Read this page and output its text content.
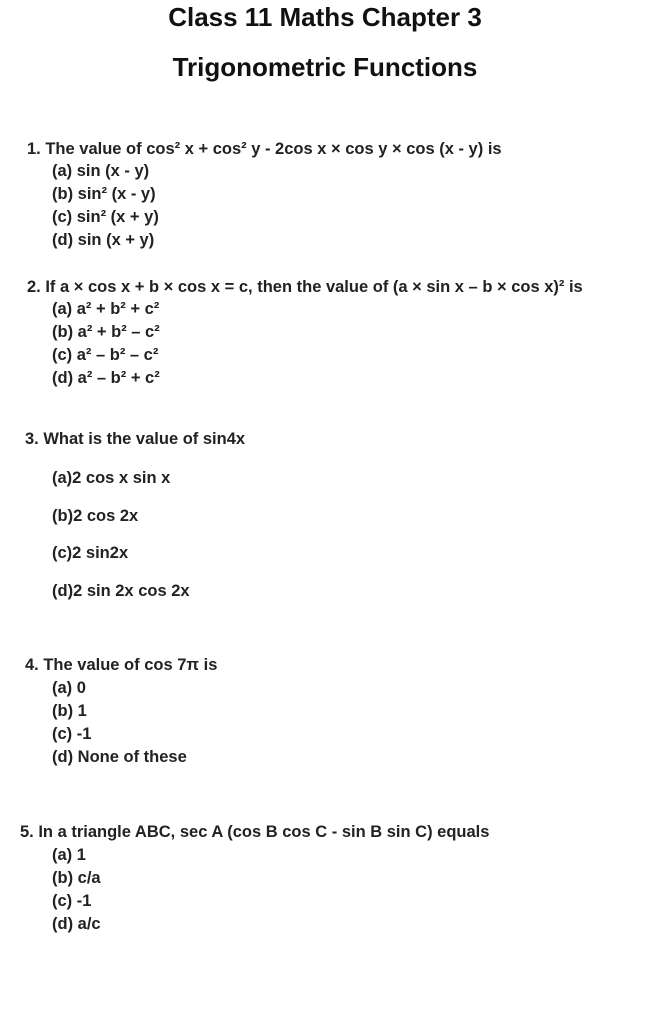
Class 11 Maths Chapter 3
Trigonometric Functions
1. The value of cos² x + cos² y - 2cos x × cos y × cos (x - y) is
(a) sin (x - y)
(b) sin² (x - y)
(c) sin² (x + y)
(d) sin (x + y)
2. If a × cos x + b × cos x = c, then the value of (a × sin x – b × cos x)² is
(a) a² + b² + c²
(b) a² + b² – c²
(c) a² – b² – c²
(d) a² – b² + c²
3. What is the value of sin4x
(a)2 cos x sin x
(b)2 cos 2x
(c)2 sin2x
(d)2 sin 2x cos 2x
4. The value of cos 7π is
(a) 0
(b) 1
(c) -1
(d) None of these
5. In a triangle ABC, sec A (cos B cos C - sin B sin C) equals
(a) 1
(b) c/a
(c) -1
(d) a/c
